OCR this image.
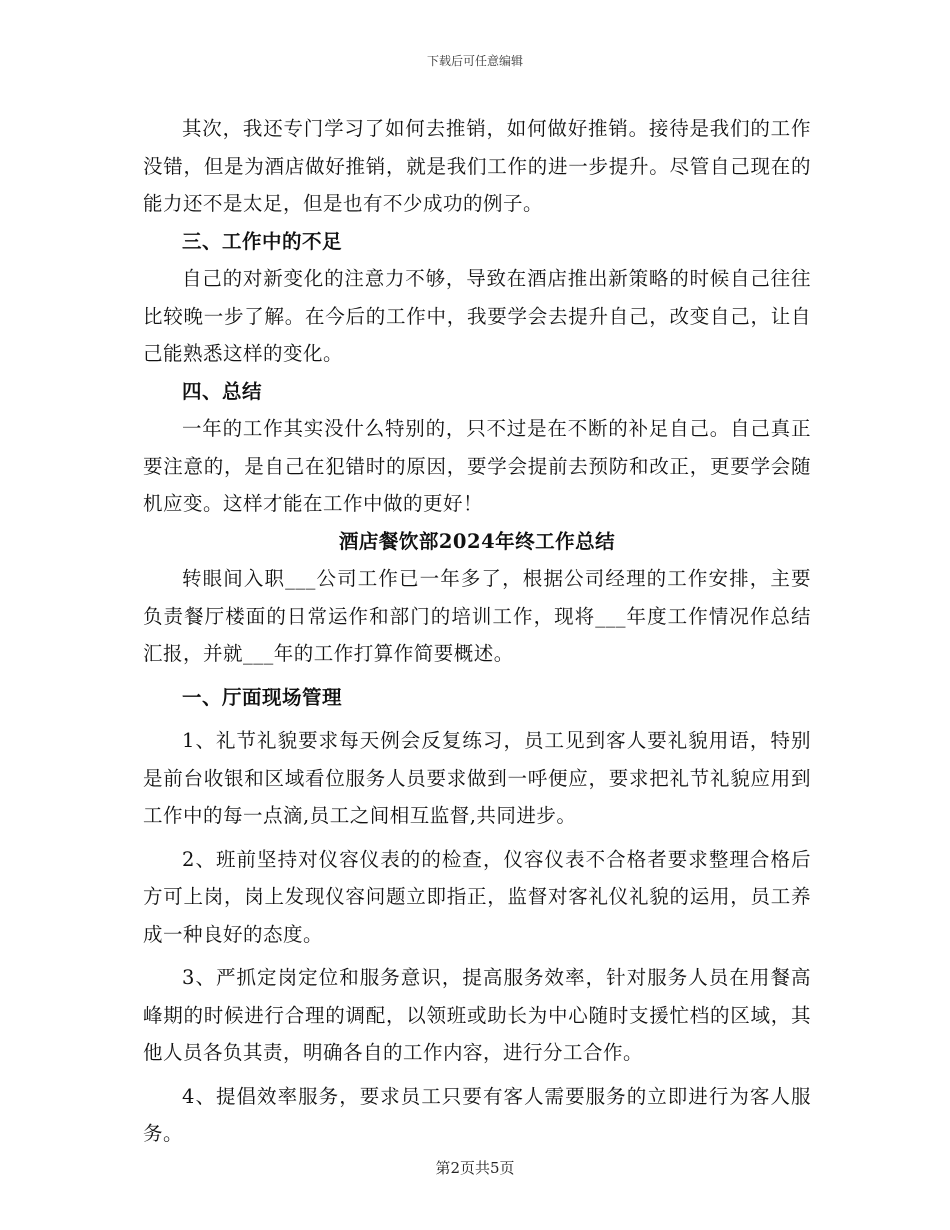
下载后可任意编辑

其次，我还专门学习了如何去推销，如何做好推销。接待是我们的工作没错，但是为酒店做好推销，就是我们工作的进一步提升。尽管自己现在的能力还不是太足，但是也有不少成功的例子。

三、工作中的不足

自己的对新变化的注意力不够，导致在酒店推出新策略的时候自己往往比较晚一步了解。在今后的工作中，我要学会去提升自己，改变自己，让自己能熟悉这样的变化。

四、总结

一年的工作其实没什么特别的，只不过是在不断的补足自己。自己真正要注意的，是自己在犯错时的原因，要学会提前去预防和改正，更要学会随机应变。这样才能在工作中做的更好！

酒店餐饮部2024年终工作总结

转眼间入职___公司工作已一年多了，根据公司经理的工作安排，主要负责餐厅楼面的日常运作和部门的培训工作，现将___年度工作情况作总结汇报，并就___年的工作打算作简要概述。

一、厅面现场管理

1、礼节礼貌要求每天例会反复练习，员工见到客人要礼貌用语，特别是前台收银和区域看位服务人员要求做到一呼便应，要求把礼节礼貌应用到工作中的每一点滴,员工之间相互监督,共同进步。

2、班前坚持对仪容仪表的的检查，仪容仪表不合格者要求整理合格后方可上岗，岗上发现仪容问题立即指正，监督对客礼仪礼貌的运用，员工养成一种良好的态度。

3、严抓定岗定位和服务意识，提高服务效率，针对服务人员在用餐高峰期的时候进行合理的调配，以领班或助长为中心随时支援忙档的区域，其他人员各负其责，明确各自的工作内容，进行分工合作。

4、提倡效率服务，要求员工只要有客人需要服务的立即进行为客人服务。

第2页共5页
